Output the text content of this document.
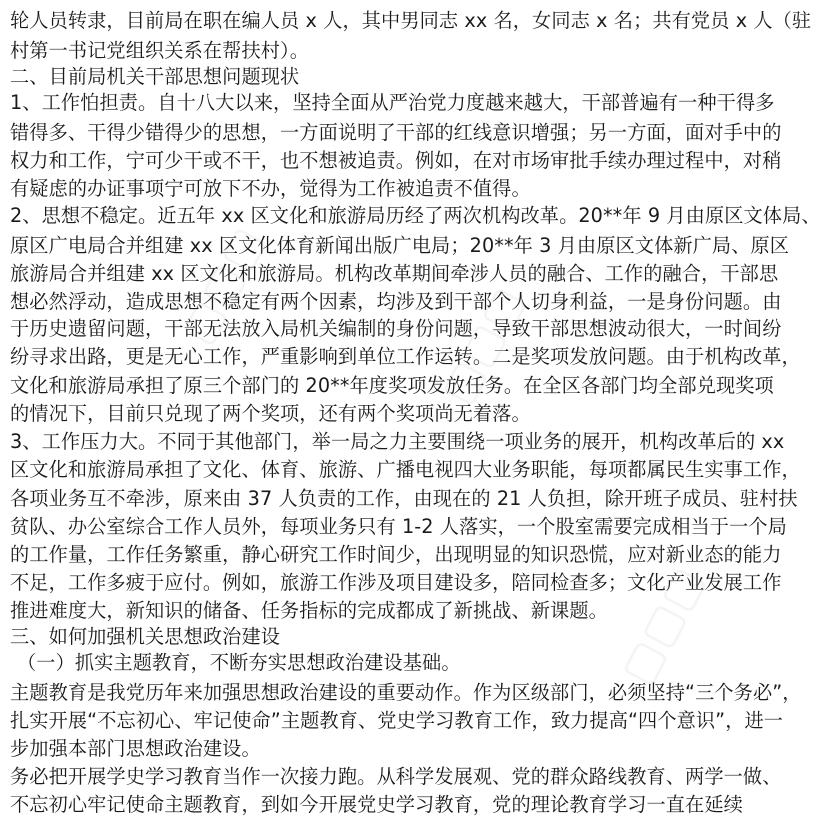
轮人员转隶，目前局在职在编人员 x 人，其中男同志 xx 名，女同志 x 名；共有党员 x 人（驻
村第一书记党组织关系在帮扶村）。
二、目前局机关干部思想问题现状
1、工作怕担责。自十八大以来，坚持全面从严治党力度越来越大，干部普遍有一种干得多
错得多、干得少错得少的思想，一方面说明了干部的红线意识增强；另一方面，面对手中的
权力和工作，宁可少干或不干，也不想被追责。例如，在对市场审批手续办理过程中，对稍
有疑虑的办证事项宁可放下不办，觉得为工作被追责不值得。
2、思想不稳定。近五年 xx 区文化和旅游局历经了两次机构改革。20**年 9 月由原区文体局、
原区广电局合并组建 xx 区文化体育新闻出版广电局；20**年 3 月由原区文体新广局、原区
旅游局合并组建 xx 区文化和旅游局。机构改革期间牵涉人员的融合、工作的融合，干部思
想必然浮动，造成思想不稳定有两个因素，均涉及到干部个人切身利益，一是身份问题。由
于历史遗留问题，干部无法放入局机关编制的身份问题，导致干部思想波动很大，一时间纷
纷寻求出路，更是无心工作，严重影响到单位工作运转。二是奖项发放问题。由于机构改革，
文化和旅游局承担了原三个部门的 20**年度奖项发放任务。在全区各部门均全部兑现奖项
的情况下，目前只兑现了两个奖项，还有两个奖项尚无着落。
3、工作压力大。不同于其他部门，举一局之力主要围绕一项业务的展开，机构改革后的 xx
区文化和旅游局承担了文化、体育、旅游、广播电视四大业务职能，每项都属民生实事工作，
各项业务互不牵涉，原来由 37 人负责的工作，由现在的 21 人负担，除开班子成员、驻村扶
贫队、办公室综合工作人员外，每项业务只有 1-2 人落实，一个股室需要完成相当于一个局
的工作量，工作任务繁重，静心研究工作时间少，出现明显的知识恐慌，应对新业态的能力
不足，工作多疲于应付。例如，旅游工作涉及项目建设多，陪同检查多；文化产业发展工作
推进难度大，新知识的储备、任务指标的完成都成了新挑战、新课题。
三、如何加强机关思想政治建设
（一）抓实主题教育，不断夯实思想政治建设基础。
主题教育是我党历年来加强思想政治建设的重要动作。作为区级部门，必须坚持“三个务必”，
扎实开展“不忘初心、牢记使命”主题教育、党史学习教育工作，致力提高“四个意识”，进一
步加强本部门思想政治建设。
务必把开展学史学习教育当作一次接力跑。从科学发展观、党的群众路线教育、两学一做、
不忘初心牢记使命主题教育，到如今开展党史学习教育，党的理论教育学习一直在延续
▢▢▢	▢▢▢
▢▢▢
